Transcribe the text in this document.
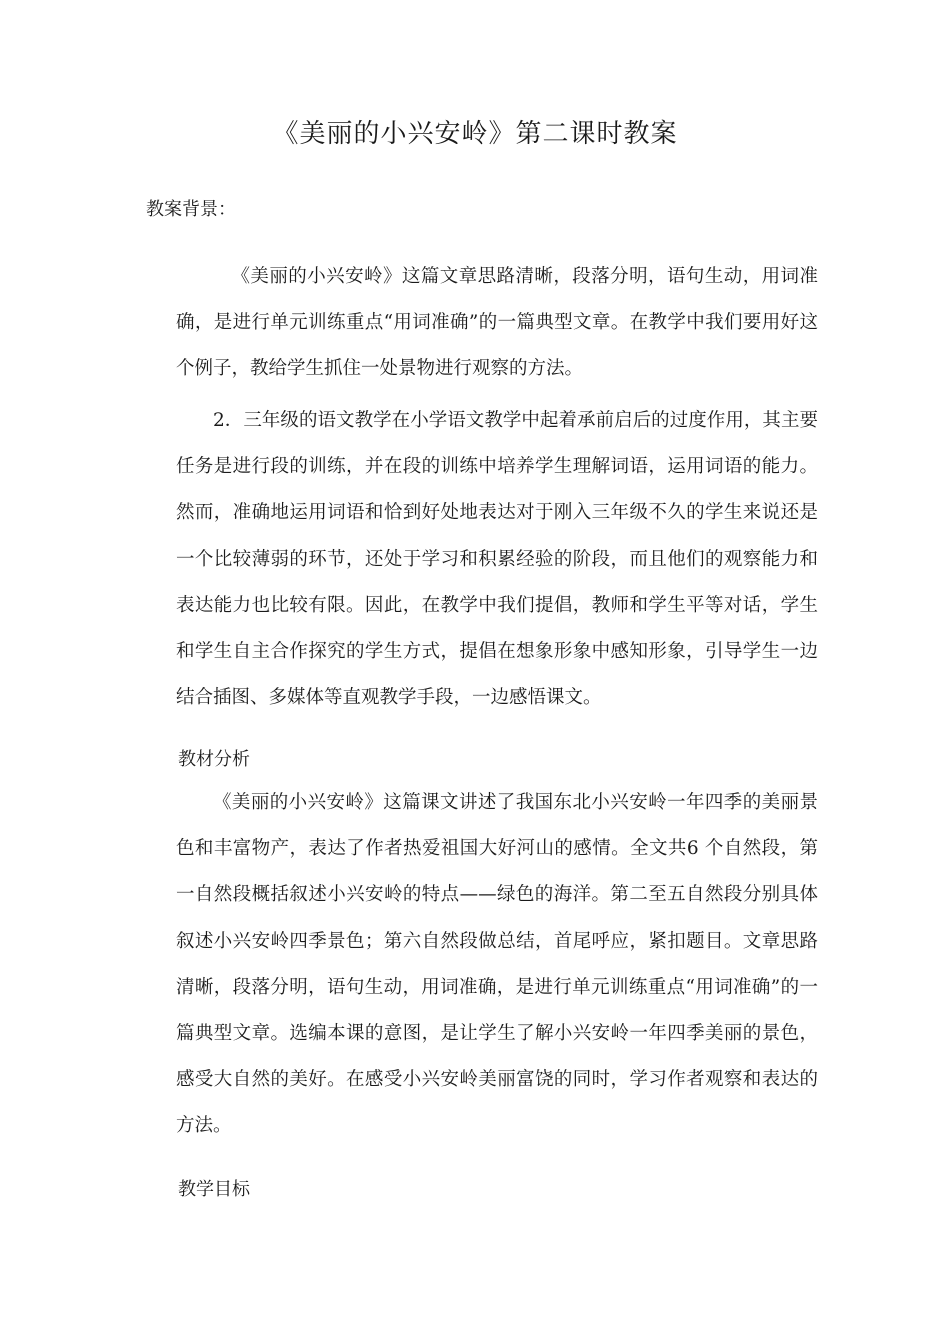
《美丽的小兴安岭》第二课时教案
教案背景：
《美丽的小兴安岭》这篇文章思路清晰，段落分明，语句生动，用词准确，是进行单元训练重点“用词准确”的一篇典型文章。在教学中我们要用好这个例子，教给学生抓住一处景物进行观察的方法。
2．三年级的语文教学在小学语文教学中起着承前启后的过度作用，其主要任务是进行段的训练，并在段的训练中培养学生理解词语，运用词语的能力。然而，准确地运用词语和恰到好处地表达对于刚入三年级不久的学生来说还是一个比较薄弱的环节，还处于学习和积累经验的阶段，而且他们的观察能力和表达能力也比较有限。因此，在教学中我们提倡，教师和学生平等对话，学生和学生自主合作探究的学生方式，提倡在想象形象中感知形象，引导学生一边结合插图、多媒体等直观教学手段，一边感悟课文。
教材分析
《美丽的小兴安岭》这篇课文讲述了我国东北小兴安岭一年四季的美丽景色和丰富物产，表达了作者热爱祖国大好河山的感情。全文共6 个自然段，第一自然段概括叙述小兴安岭的特点——绿色的海洋。第二至五自然段分别具体叙述小兴安岭四季景色；第六自然段做总结，首尾呼应，紧扣题目。文章思路清晰，段落分明，语句生动，用词准确，是进行单元训练重点“用词准确”的一篇典型文章。选编本课的意图，是让学生了解小兴安岭一年四季美丽的景色，感受大自然的美好。在感受小兴安岭美丽富饶的同时，学习作者观察和表达的方法。
教学目标
